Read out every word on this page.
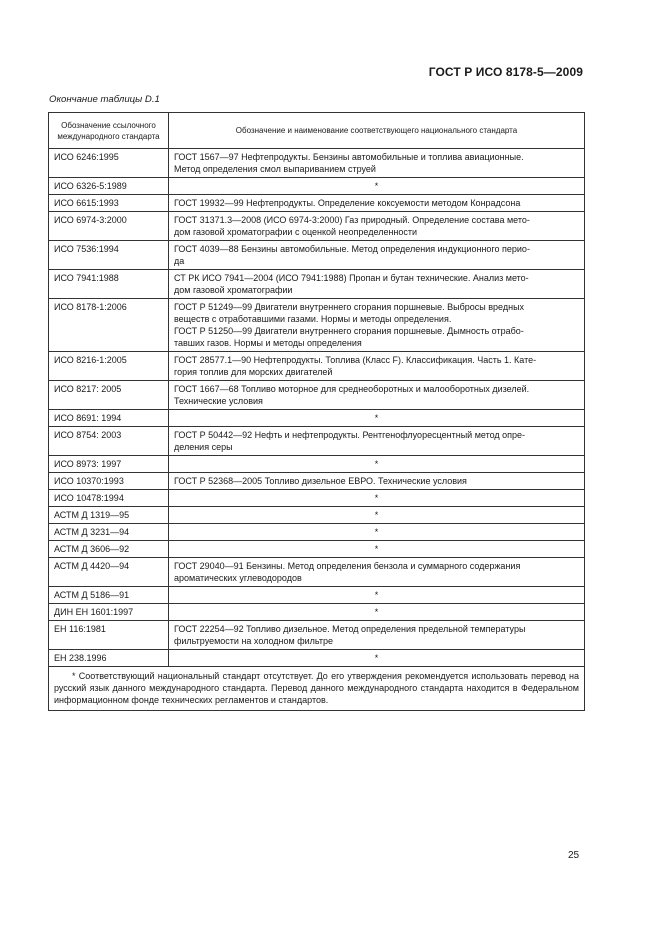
ГОСТ Р ИСО 8178-5—2009
Окончание таблицы D.1
Обозначение ссылочного
международного стандарта	Обозначение и наименование соответствующего национального стандарта
ИСО 6246:1995	ГОСТ 1567—97 Нефтепродукты. Бензины автомобильные и топлива авиационные.
Метод определения смол выпариванием струей

ИСО 6326-5:1989	*

ИСО 6615:1993	ГОСТ 19932—99 Нефтепродукты. Определение коксуемости методом Конрадсона

ИСО 6974-3:2000	ГОСТ 31371.3—2008 (ИСО 6974-3:2000) Газ природный. Определение состава мето-
дом газовой хроматографии с оценкой неопределенности

ИСО 7536:1994	ГОСТ 4039—88 Бензины автомобильные. Метод определения индукционного перио-
да

ИСО 7941:1988	СТ РК ИСО 7941—2004 (ИСО 7941:1988) Пропан и бутан технические. Анализ мето-
дом газовой хроматографии

ИСО 8178-1:2006	ГОСТ Р 51249—99 Двигатели внутреннего сгорания поршневые. Выбросы вредных
веществ с отработавшими газами. Нормы и методы определения.
ГОСТ Р 51250—99 Двигатели внутреннего сгорания поршневые. Дымность отрабо-
тавших газов. Нормы и методы определения

ИСО 8216-1:2005	ГОСТ 28577.1—90 Нефтепродукты. Топлива (Класс F). Классификация. Часть 1. Кате-
гория топлив для морских двигателей

ИСО 8217: 2005	ГОСТ 1667—68 Топливо моторное для среднеоборотных и малооборотных дизелей.
Технические условия

ИСО 8691: 1994	*

ИСО 8754: 2003	ГОСТ Р 50442—92 Нефть и нефтепродукты. Рентгенофлуоресцентный метод опре-
деления серы

ИСО 8973: 1997	*

ИСО 10370:1993	ГОСТ Р 52368—2005 Топливо дизельное ЕВРО. Технические условия

ИСО 10478:1994	*

АСТМ Д 1319—95	*

АСТМ Д 3231—94	*

АСТМ Д 3606—92	*

АСТМ Д 4420—94	ГОСТ 29040—91 Бензины. Метод определения бензола и суммарного содержания
ароматических углеводородов

АСТМ Д 5186—91	*

ДИН ЕН 1601:1997	*

ЕН 116:1981	ГОСТ 22254—92 Топливо дизельное. Метод определения предельной температуры
фильтруемости на холодном фильтре

ЕН 238.1996	*

* Соответствующий национальный стандарт отсутствует. До его утверждения рекомендуется использовать перевод на русский язык данного международного стандарта. Перевод данного международного стандарта находится в Федеральном информационном фонде технических регламентов и стандартов.	
25
